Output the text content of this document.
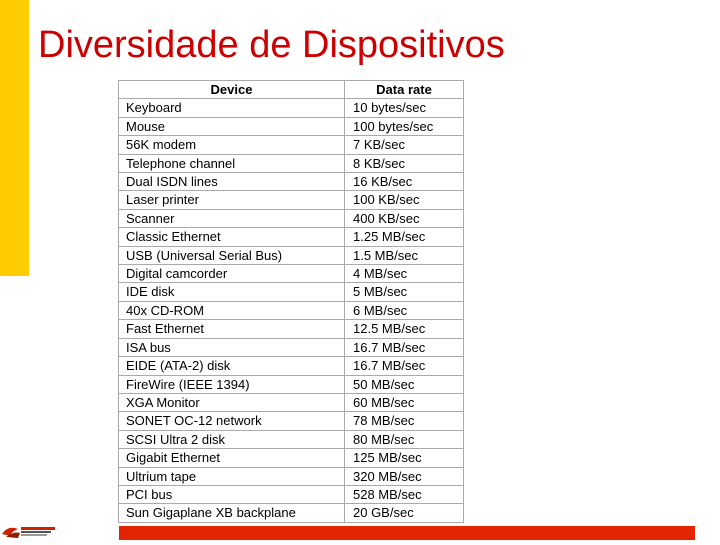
Diversidade de Dispositivos
Device	Data rate
Keyboard	10 bytes/sec
Mouse	100 bytes/sec
56K modem	7 KB/sec
Telephone channel	8 KB/sec
Dual ISDN lines	16 KB/sec
Laser printer	100 KB/sec
Scanner	400 KB/sec
Classic Ethernet	1.25 MB/sec
USB (Universal Serial Bus)	1.5 MB/sec
Digital camcorder	4 MB/sec
IDE disk	5 MB/sec
40x CD-ROM	6 MB/sec
Fast Ethernet	12.5 MB/sec
ISA bus	16.7 MB/sec
EIDE (ATA-2) disk	16.7 MB/sec
FireWire (IEEE 1394)	50 MB/sec
XGA Monitor	60 MB/sec
SONET OC-12 network	78 MB/sec
SCSI Ultra 2 disk	80 MB/sec
Gigabit Ethernet	125 MB/sec
Ultrium tape	320 MB/sec
PCI bus	528 MB/sec
Sun Gigaplane XB backplane	20 GB/sec
